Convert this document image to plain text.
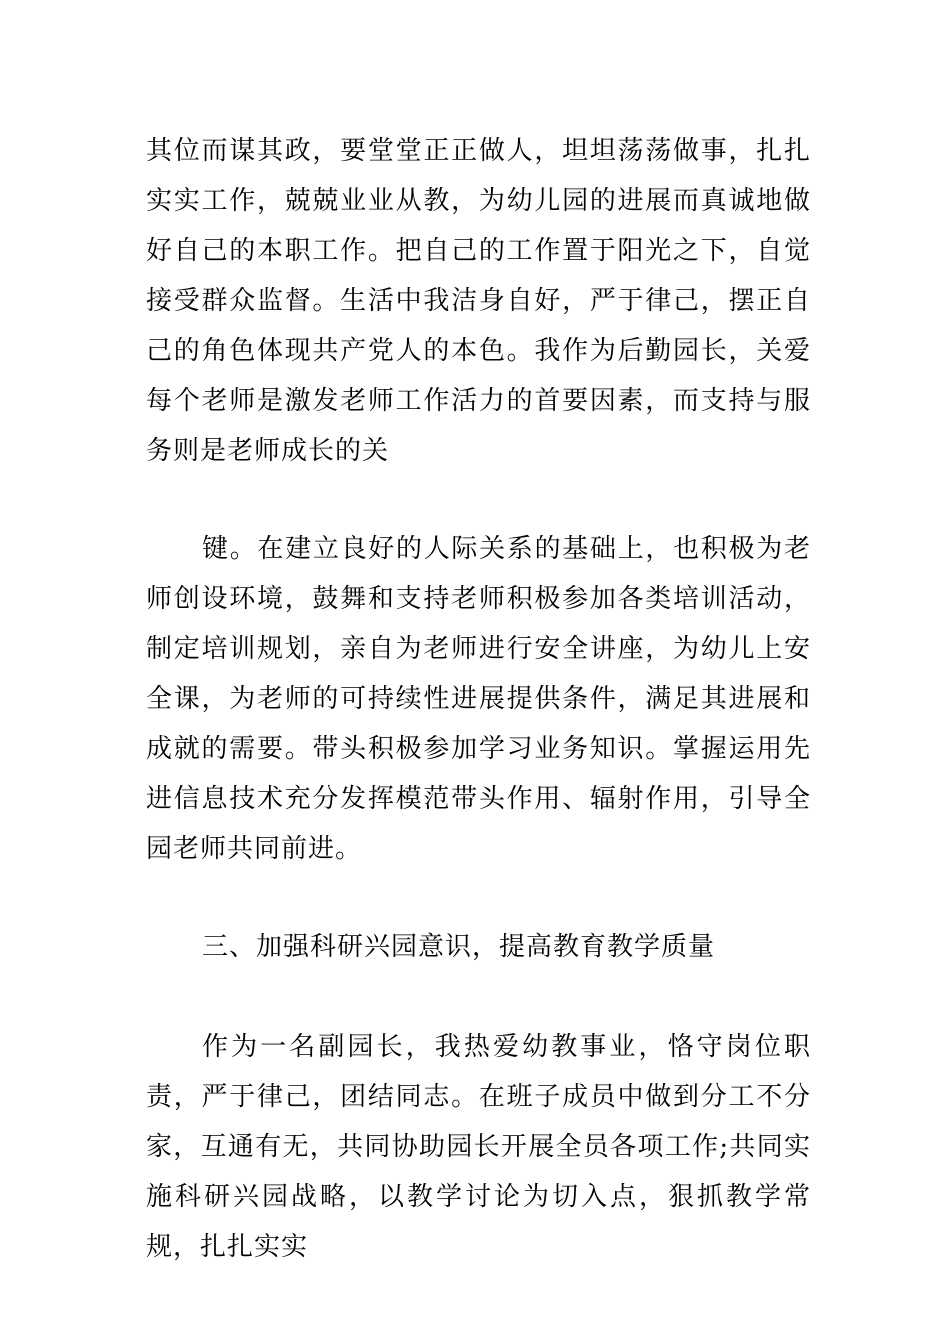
其位而谋其政，要堂堂正正做人，坦坦荡荡做事，扎扎实实工作，兢兢业业从教，为幼儿园的进展而真诚地做好自己的本职工作。把自己的工作置于阳光之下，自觉接受群众监督。生活中我洁身自好，严于律己，摆正自己的角色体现共产党人的本色。我作为后勤园长，关爱每个老师是激发老师工作活力的首要因素，而支持与服务则是老师成长的关

键。在建立良好的人际关系的基础上，也积极为老师创设环境，鼓舞和支持老师积极参加各类培训活动，制定培训规划，亲自为老师进行安全讲座，为幼儿上安全课，为老师的可持续性进展提供条件，满足其进展和成就的需要。带头积极参加学习业务知识。掌握运用先进信息技术充分发挥模范带头作用、辐射作用，引导全园老师共同前进。

三、加强科研兴园意识，提高教育教学质量

作为一名副园长，我热爱幼教事业，恪守岗位职责，严于律己，团结同志。在班子成员中做到分工不分家，互通有无，共同协助园长开展全员各项工作;共同实施科研兴园战略，以教学讨论为切入点，狠抓教学常规，扎扎实实
